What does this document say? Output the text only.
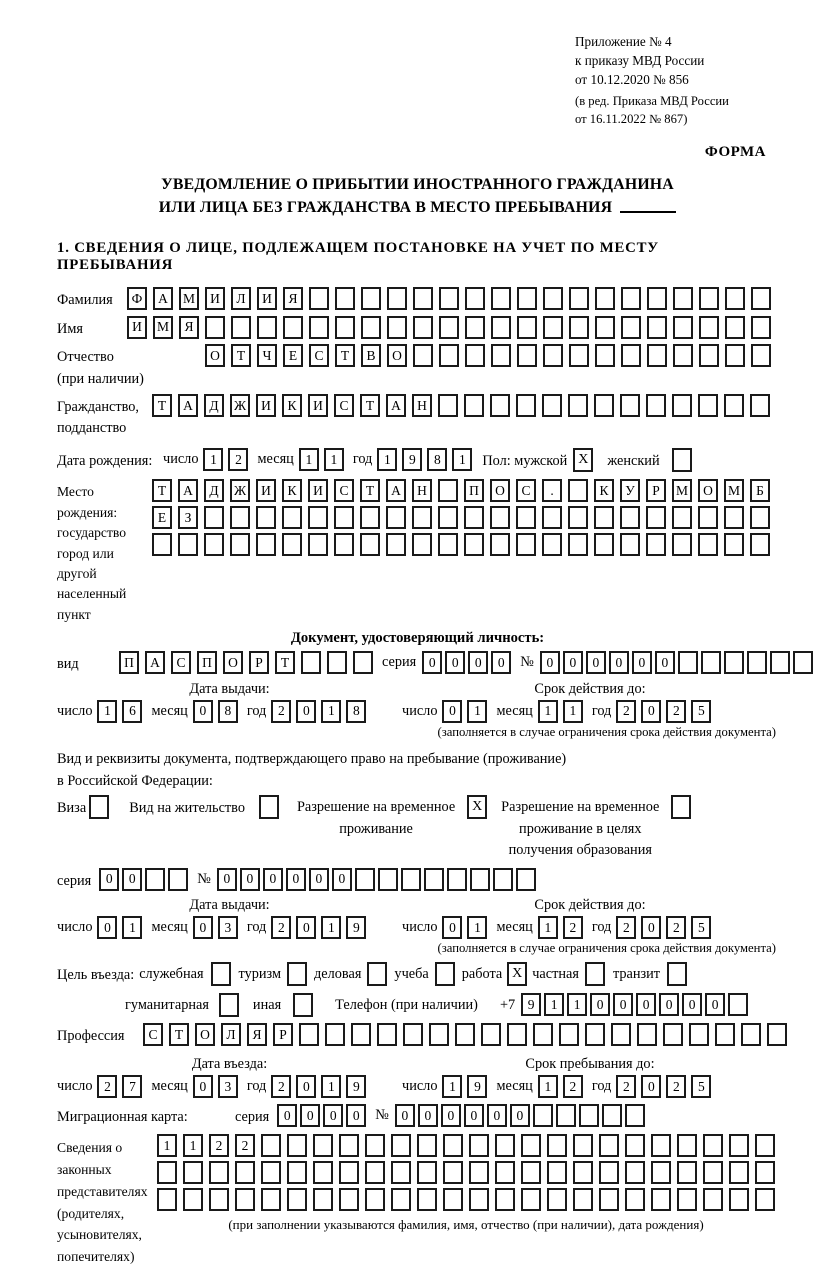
Приложение № 4
к приказу МВД России
от 10.12.2020 № 856
(в ред. Приказа МВД России
от 16.11.2022 № 867)
ФОРМА
УВЕДОМЛЕНИЕ О ПРИБЫТИИ ИНОСТРАННОГО ГРАЖДАНИНА
ИЛИ ЛИЦА БЕЗ ГРАЖДАНСТВА В МЕСТО ПРЕБЫВАНИЯ
1. СВЕДЕНИЯ О ЛИЦЕ, ПОДЛЕЖАЩЕМ ПОСТАНОВКЕ НА УЧЕТ ПО МЕСТУ ПРЕБЫВАНИЯ
Фамилия	Ф	А	М	И	Л	И	Я
Имя	И	М	Я
Отчество
(при наличии)
О	Т	Ч	Е	С	Т	В	О
Гражданство,
подданство
Т	А	Д	Ж	И	К	И	С	Т	А	Н
Дата рождения: число 1	2	месяц 1	1	год 1	9	8	1	Пол: мужской X	женский
Место рождения:
государство
город или другой
населенный пункт
Т	А	Д	Ж	И	К	И	С	Т	А	Н	П	О	С	.	К	У	Р	М	О	М	Б
Е	З
Документ, удостоверяющий личность:
вид	П	А	С	П	О	Р	Т	серия 0	0	0	0	№ 0	0	0	0	0	0
Дата выдачи:	Срок действия до:
число 1	6	месяц 0	8	год 2	0	1	8	число 0	1	месяц 1	1	год 2	0	2	5
(заполняется в случае ограничения срока действия документа)
Вид и реквизиты документа, подтверждающего право на пребывание (проживание)
в Российской Федерации:
Виза	Вид на жительство	Разрешение на временное
проживание
X	Разрешение на временное
проживание в целях
получения образования
серия	0	0	№ 0	0	0	0	0	0
Дата выдачи:	Срок действия до:
число 0	1	месяц 0	3	год 2	0	1	9	число 0	1	месяц 1	2	год 2	0	2	5
(заполняется в случае ограничения срока действия документа)
Цель въезда: служебная туризм деловая учеба работа X частная транзит
гуманитарная	иная	Телефон (при наличии) +7 9	1	1	0	0	0	0	0	0
Профессия	С	Т	О	Л	Я	Р
Дата въезда:	Срок пребывания до:
число 2	7	месяц 0	3	год 2	0	1	9	число 1	9	месяц 1	2	год 2	0	2	5
Миграционная карта:	серия	0	0	0	0	№ 0	0	0	0	0	0
Сведения о
законных
представителях
(родителях,
усыновителях,
попечителях)
1	1	2	2
(при заполнении указываются фамилия, имя, отчество (при наличии), дата рождения)
